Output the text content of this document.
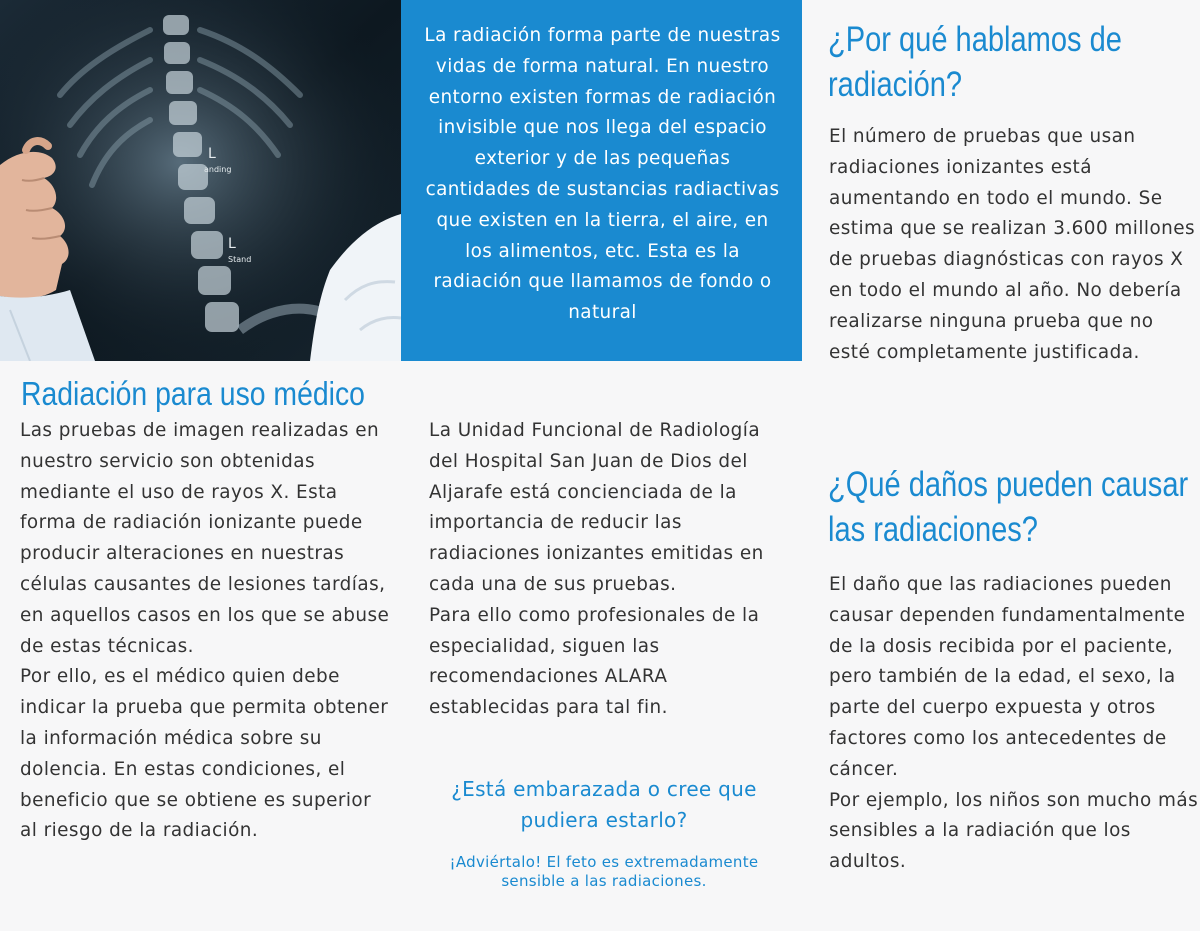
L
anding
L
Stand
La radiación forma parte de nuestras vidas de forma natural. En nuestro entorno existen formas de radiación invisible que nos llega del espacio exterior y de las pequeñas cantidades de sustancias radiactivas que existen en la tierra, el aire, en los alimentos, etc. Esta es la radiación que llamamos de fondo o natural
Radiación para uso médico

Las pruebas de imagen realizadas en nuestro servicio son obtenidas mediante el uso de rayos X. Esta forma de radiación ionizante puede producir alteraciones en nuestras células causantes de lesiones tardías, en aquellos casos en los que se abuse de estas técnicas.

Por ello, es el médico quien debe indicar la prueba que permita obtener la información médica sobre su dolencia. En estas condiciones, el beneficio que se obtiene es superior al riesgo de la radiación.

La Unidad Funcional de Radiología del Hospital San Juan de Dios del Aljarafe está concienciada de la importancia de reducir las radiaciones ionizantes emitidas en cada una de sus pruebas.

Para ello como profesionales de la especialidad, siguen las recomendaciones ALARA establecidas para tal fin.

¿Está embarazada o cree que pudiera estarlo?
¡Adviértalo! El feto es extremadamente sensible a las radiaciones.
¿Por qué hablamos de
radiación?

El número de pruebas que usan radiaciones ionizantes está aumentando en todo el mundo. Se estima que se realizan 3.600 millones de pruebas diagnósticas con rayos X en todo el mundo al año. No debería realizarse ninguna prueba que no esté completamente justificada.

¿Qué daños pueden causar
las radiaciones?

El daño que las radiaciones pueden causar dependen fundamentalmente de la dosis recibida por el paciente, pero también de la edad, el sexo, la parte del cuerpo expuesta y otros factores como los antecedentes de cáncer.

Por ejemplo, los niños son mucho más sensibles a la radiación que los adultos.
